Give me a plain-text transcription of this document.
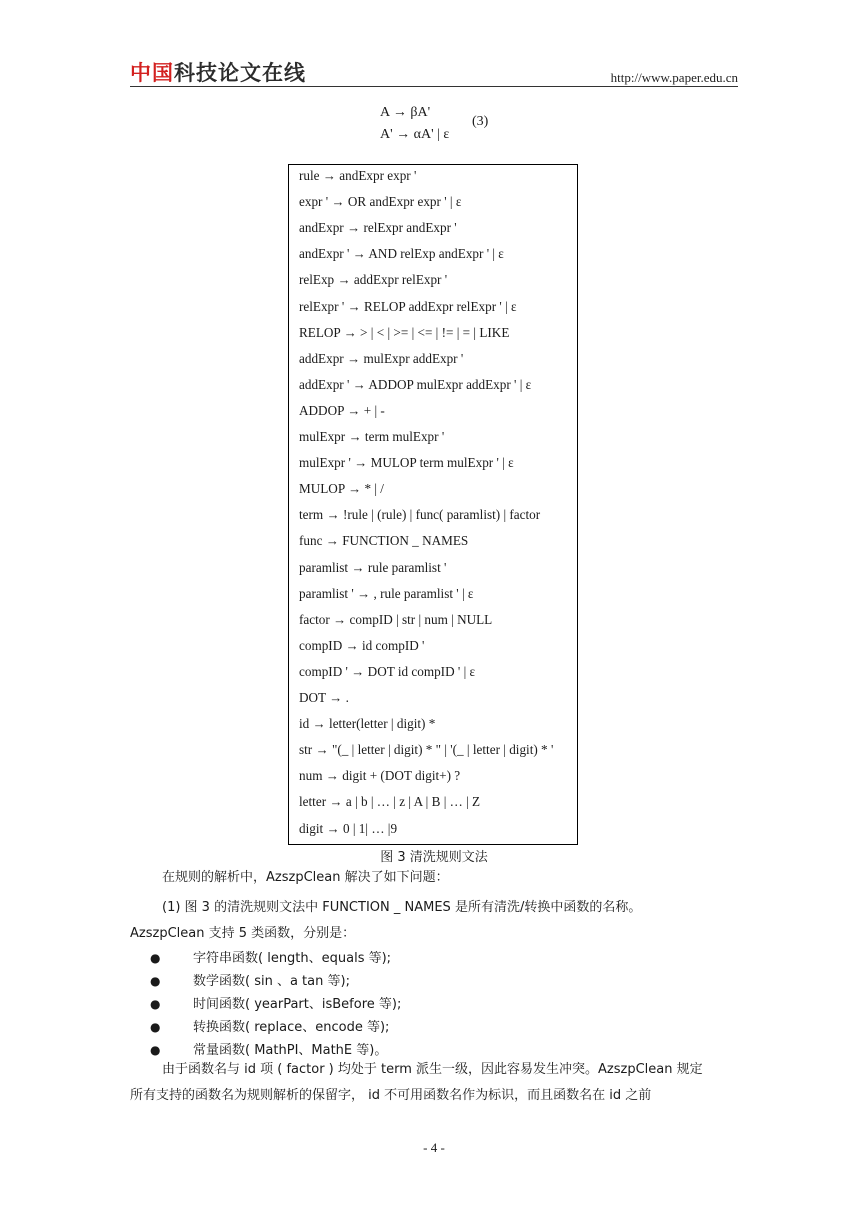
中国科技论文在线	http://www.paper.edu.cn
A → βA'
A' → αA' | ε
(3)
rule → andExpr expr '
expr ' → OR andExpr expr ' | ε
andExpr → relExpr andExpr '
andExpr ' → AND relExp andExpr ' | ε
relExp → addExpr relExpr '
relExpr ' → RELOP addExpr relExpr ' | ε
RELOP → > | < | >= | <= | != | = | LIKE
addExpr → mulExpr addExpr '
addExpr ' → ADDOP mulExpr addExpr ' | ε
ADDOP → + | -
mulExpr → term mulExpr '
mulExpr ' → MULOP term mulExpr ' | ε
MULOP → * | /
term → !rule | (rule) | func( paramlist) | factor
func → FUNCTION _ NAMES
paramlist → rule paramlist '
paramlist ' → , rule paramlist ' | ε
factor → compID | str | num | NULL
compID → id compID '
compID ' → DOT id compID ' | ε
DOT → .
id → letter(letter | digit) *
str → "(_ | letter | digit) * " | '(_ | letter | digit) * '
num → digit + (DOT digit+) ?
letter → a | b | … | z | A | B | … | Z
digit → 0 | 1| … |9
图 3 清洗规则文法
在规则的解析中，AzszpClean 解决了如下问题：
(1) 图 3 的清洗规则文法中 FUNCTION _ NAMES 是所有清洗/转换中函数的名称。
AzszpClean 支持 5 类函数，分别是：
●	字符串函数( length、equals 等);
●	数学函数( sin 、a tan 等);
●	时间函数( yearPart、isBefore 等);
●	转换函数( replace、encode 等);
●	常量函数( MathPI、MathE 等)。
由于函数名与 id 项 ( factor ) 均处于 term 派生一级，因此容易发生冲突。AzszpClean 规定
所有支持的函数名为规则解析的保留字， id 不可用函数名作为标识，而且函数名在 id 之前
- 4 -
